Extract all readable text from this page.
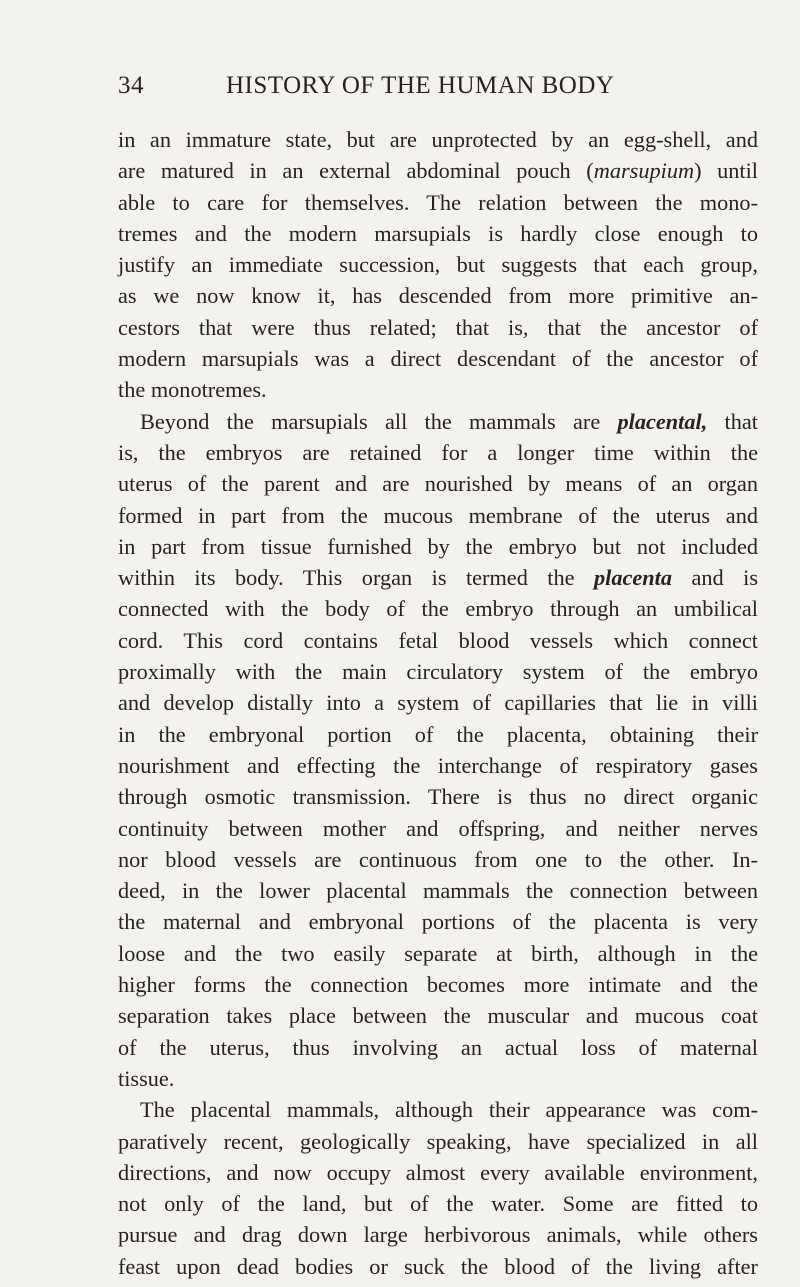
34	HISTORY OF THE HUMAN BODY
in an immature state, but are unprotected by an egg-shell, and
are matured in an external abdominal pouch (marsupium) until
able to care for themselves. The relation between the mono-
tremes and the modern marsupials is hardly close enough to
justify an immediate succession, but suggests that each group,
as we now know it, has descended from more primitive an-
cestors that were thus related; that is, that the ancestor of
modern marsupials was a direct descendant of the ancestor of
the monotremes.
Beyond the marsupials all the mammals are placental, that
is, the embryos are retained for a longer time within the
uterus of the parent and are nourished by means of an organ
formed in part from the mucous membrane of the uterus and
in part from tissue furnished by the embryo but not included
within its body. This organ is termed the placenta and is
connected with the body of the embryo through an umbilical
cord. This cord contains fetal blood vessels which connect
proximally with the main circulatory system of the embryo
and develop distally into a system of capillaries that lie in villi
in the embryonal portion of the placenta, obtaining their
nourishment and effecting the interchange of respiratory gases
through osmotic transmission. There is thus no direct organic
continuity between mother and offspring, and neither nerves
nor blood vessels are continuous from one to the other. In-
deed, in the lower placental mammals the connection between
the maternal and embryonal portions of the placenta is very
loose and the two easily separate at birth, although in the
higher forms the connection becomes more intimate and the
separation takes place between the muscular and mucous coat
of the uterus, thus involving an actual loss of maternal
tissue.
The placental mammals, although their appearance was com-
paratively recent, geologically speaking, have specialized in all
directions, and now occupy almost every available environment,
not only of the land, but of the water. Some are fitted to
pursue and drag down large herbivorous animals, while others
feast upon dead bodies or suck the blood of the living after
